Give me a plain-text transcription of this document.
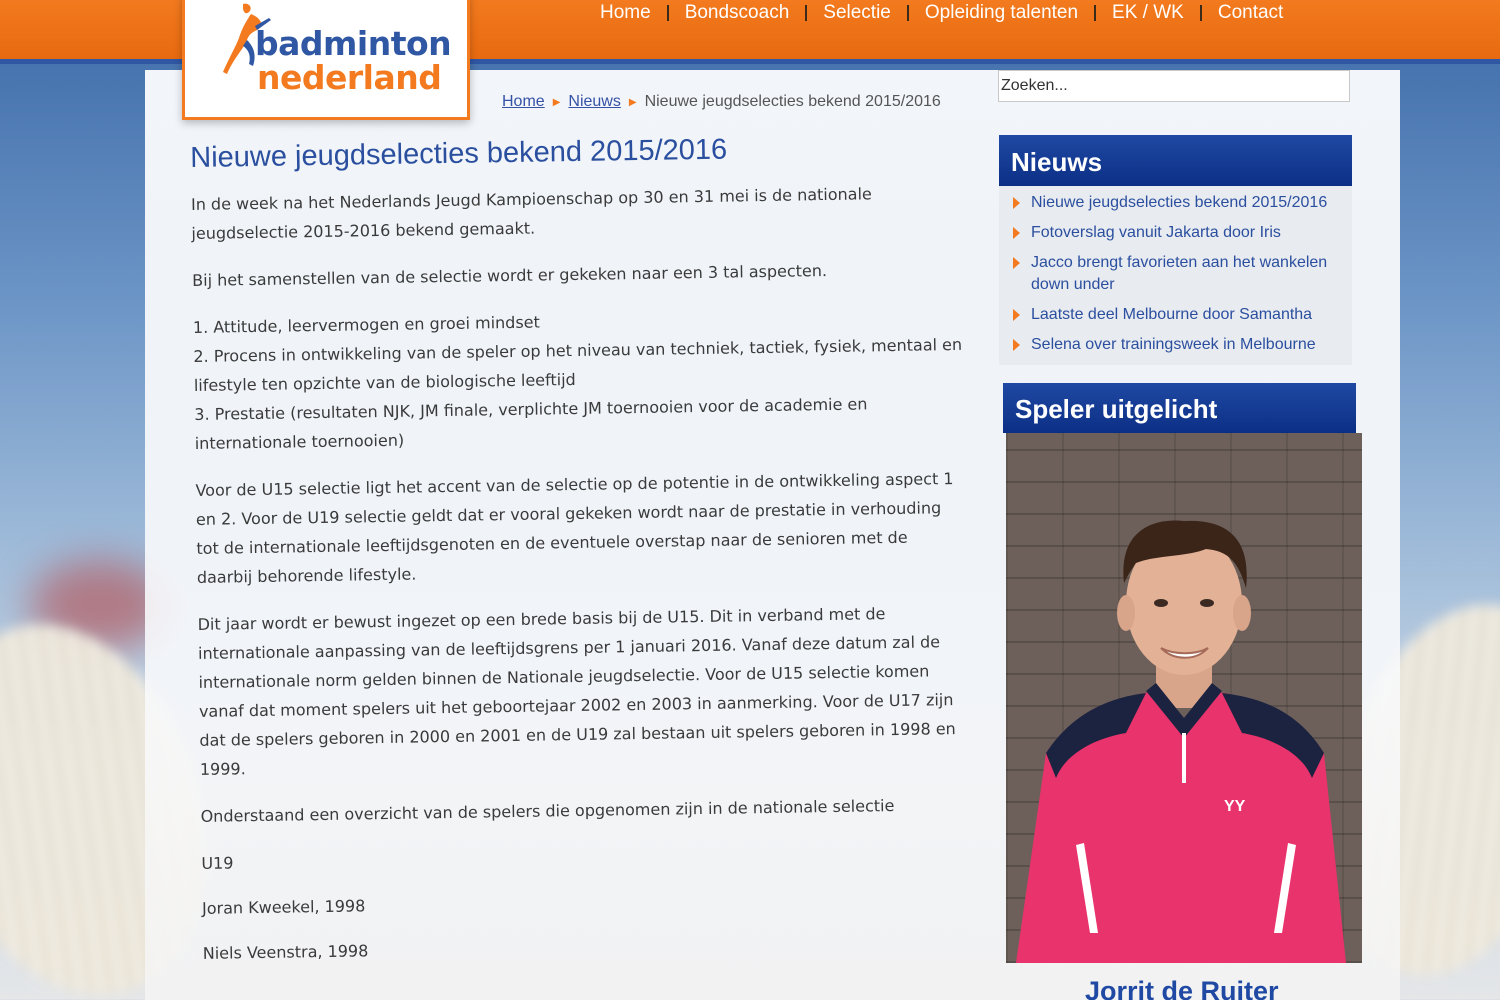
Home	Bondscoach	Selectie	Opleiding talenten	EK / WK	Contact
badminton
nederland
Home ▶ Nieuws ▶ Nieuwe jeugdselecties bekend 2015/2016
Nieuwe jeugdselecties bekend 2015/2016

In de week na het Nederlands Jeugd Kampioenschap op 30 en 31 mei is de nationale jeugdselectie 2015-2016 bekend gemaakt.

Bij het samenstellen van de selectie wordt er gekeken naar een 3 tal aspecten.

1. Attitude, leervermogen en groei mindset
2. Procens in ontwikkeling van de speler op het niveau van techniek, tactiek, fysiek, mentaal en lifestyle ten opzichte van de biologische leeftijd
3. Prestatie (resultaten NJK, JM finale, verplichte JM toernooien voor de academie en internationale toernooien)

Voor de U15 selectie ligt het accent van de selectie op de potentie in de ontwikkeling aspect 1 en 2. Voor de U19 selectie geldt dat er vooral gekeken wordt naar de prestatie in verhouding tot de internationale leeftijdsgenoten en de eventuele overstap naar de senioren met de daarbij behorende lifestyle.

Dit jaar wordt er bewust ingezet op een brede basis bij de U15. Dit in verband met de internationale aanpassing van de leeftijdsgrens per 1 januari 2016. Vanaf deze datum zal de internationale norm gelden binnen de Nationale jeugdselectie. Voor de U15 selectie komen vanaf dat moment spelers uit het geboortejaar 2002 en 2003 in aanmerking. Voor de U17 zijn dat de spelers geboren in 2000 en 2001 en de U19 zal bestaan uit spelers geboren in 1998 en 1999.

Onderstaand een overzicht van de spelers die opgenomen zijn in de nationale selectie

U19
Joran Kweekel, 1998
Niels Veenstra, 1998
Zoeken...
Nieuws
Nieuwe jeugdselecties bekend 2015/2016
Fotoverslag vanuit Jakarta door Iris
Jacco brengt favorieten aan het wankelen down under
Laatste deel Melbourne door Samantha
Selena over trainingsweek in Melbourne
Speler uitgelicht
YY
Jorrit de Ruiter
